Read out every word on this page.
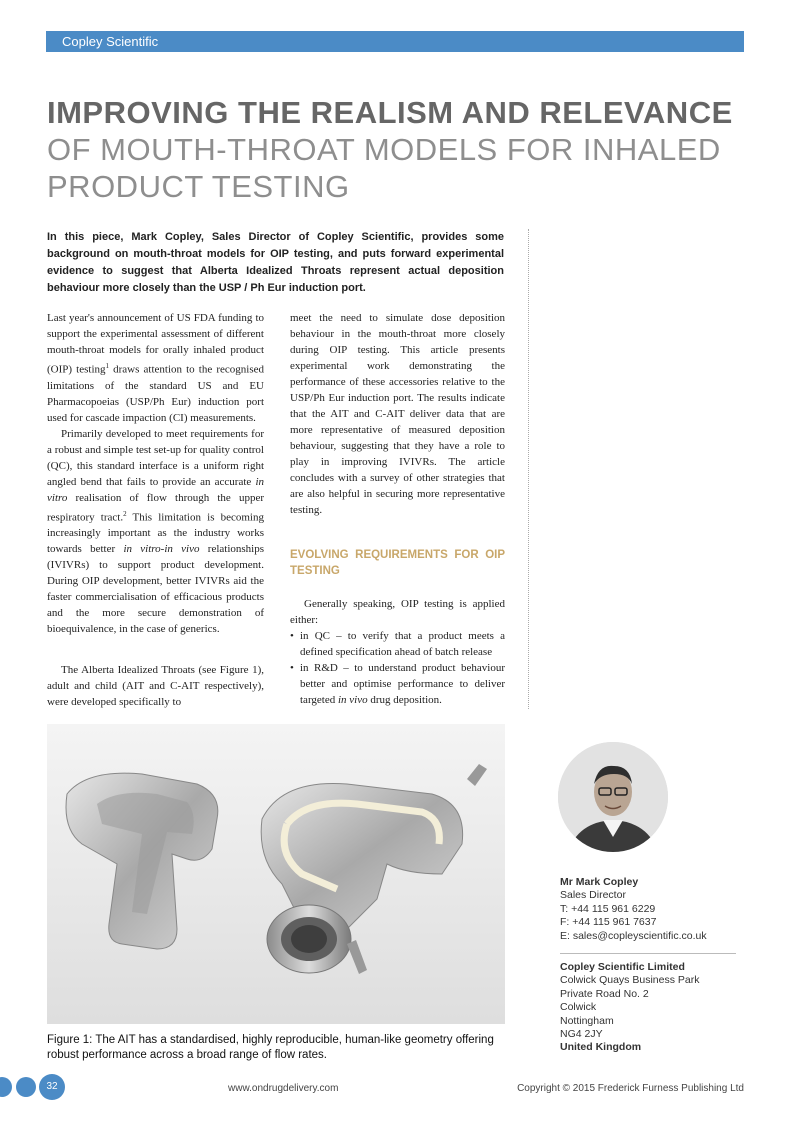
Copley Scientific
IMPROVING THE REALISM AND RELEVANCE OF MOUTH-THROAT MODELS FOR INHALED PRODUCT TESTING
In this piece, Mark Copley, Sales Director of Copley Scientific, provides some background on mouth-throat models for OIP testing, and puts forward experimental evidence to suggest that Alberta Idealized Throats represent actual deposition behaviour more closely than the USP / Ph Eur induction port.

Last year's announcement of US FDA funding to support the experimental assessment of different mouth-throat models for orally inhaled product (OIP) testing$^1$ draws attention to the recognised limitations of the standard US and EU Pharmacopoeias (USP/Ph Eur) induction port used for cascade impaction (CI) measurements.

Primarily developed to meet requirements for a robust and simple test set-up for quality control (QC), this standard interface is a uniform right angled bend that fails to provide an accurate in vitro realisation of flow through the upper respiratory tract.$^2$ This limitation is becoming increasingly important as the industry works towards better in vitro-in vivo relationships (IVIVRs) to support product development. During OIP development, better IVIVRs aid the faster commercialisation of efficacious products and the more secure demonstration of bioequivalence, in the case of generics.

The Alberta Idealized Throats (see Figure 1), adult and child (AIT and C-AIT respectively), were developed specifically to
meet the need to simulate dose deposition behaviour in the mouth-throat more closely during OIP testing. This article presents experimental work demonstrating the performance of these accessories relative to the USP/Ph Eur induction port. The results indicate that the AIT and C-AIT deliver data that are more representative of measured deposition behaviour, suggesting that they have a role to play in improving IVIVRs. The article concludes with a survey of other strategies that are also helpful in securing more representative testing.
EVOLVING REQUIREMENTS FOR OIP TESTING

Generally speaking, OIP testing is applied either:

• in QC – to verify that a product meets a defined specification ahead of batch release
• in R&D – to understand product behaviour better and optimise performance to deliver targeted in vivo drug deposition.
Figure 1: The AIT has a standardised, highly reproducible, human-like geometry offering robust performance across a broad range of flow rates.
Mr Mark Copley
Sales Director
T: +44 115 961 6229
F: +44 115 961 7637
E: sales@copleyscientific.co.uk
Copley Scientific Limited
Colwick Quays Business Park
Private Road No. 2
Colwick
Nottingham
NG4 2JY
United Kingdom
32	www.ondrugdelivery.com	Copyright © 2015 Frederick Furness Publishing Ltd
